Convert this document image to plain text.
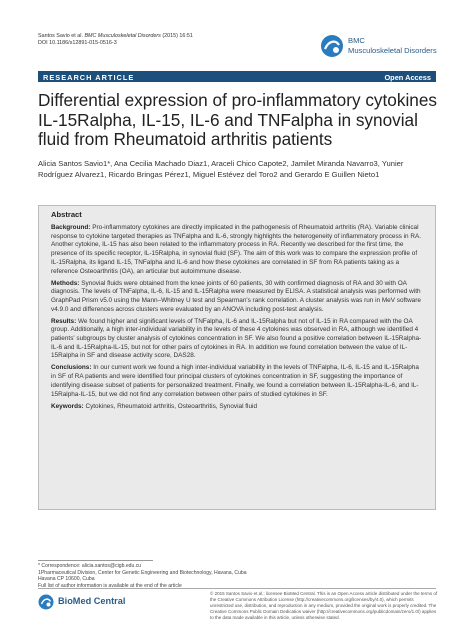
Santos Savio et al. BMC Musculoskeletal Disorders (2015) 16:51
DOI 10.1186/s12891-015-0516-3	BMC
Musculoskeletal Disorders
RESEARCH ARTICLE	Open Access
Differential expression of pro-inflammatory cytokines IL-15Ralpha, IL-15, IL-6 and TNFalpha in synovial fluid from Rheumatoid arthritis patients
Alicia Santos Savio1*, Ana Cecilia Machado Diaz1, Araceli Chico Capote2, Jamilet Miranda Navarro3, Yunier Rodríguez Alvarez1, Ricardo Bringas Pérez1, Miguel Estévez del Toro2 and Gerardo E Guillen Nieto1
Abstract

Background: Pro-inflammatory cytokines are directly implicated in the pathogenesis of Rheumatoid arthritis (RA). Variable clinical response to cytokine targeted therapies as TNFalpha and IL-6, strongly highlights the heterogeneity of inflammatory process in RA. Another cytokine, IL-15 has also been related to the inflammatory process in RA. Recently we described for the first time, the presence of its specific receptor, IL-15Ralpha, in synovial fluid (SF). The aim of this work was to compare the expression profile of IL-15Ralpha, its ligand IL-15, TNFalpha and IL-6 and how these cytokines are correlated in SF from RA patients taking as a reference Osteoarthritis (OA), an articular but autoimmune disease.

Methods: Synovial fluids were obtained from the knee joints of 60 patients, 30 with confirmed diagnosis of RA and 30 with OA diagnosis. The levels of TNFalpha, IL-6, IL-15 and IL-15Ralpha were measured by ELISA. A statistical analysis was performed with GraphPad Prism v5.0 using the Mann–Whitney U test and Spearman's rank correlation. A cluster analysis was run in MeV software v4.9.0 and differences across clusters were evaluated by an ANOVA including post-test analysis.

Results: We found higher and significant levels of TNFalpha, IL-6 and IL-15Ralpha but not of IL-15 in RA compared with the OA group. Additionally, a high inter-individual variability in the levels of these 4 cytokines was observed in RA, although we identified 4 patients' subgroups by cluster analysis of cytokines concentration in SF. We also found a positive correlation between IL-15Ralpha-IL-6 and IL-15Ralpha-IL-15, but not for other pairs of cytokines in RA. In addition we found correlation between the value of IL-15Ralpha in SF and disease activity score, DAS28.

Conclusions: In our current work we found a high inter-individual variability in the levels of TNFalpha, IL-6, IL-15 and IL-15Ralpha in SF of RA patients and were identified four principal clusters of cytokines concentration in SF, suggesting the importance of identifying disease subset of patients for personalized treatment. Finally, we found a correlation between IL-15Ralpha-IL-6, and IL-15Ralpha-IL-15, but we did not find any correlation between other pairs of studied cytokines in SF.

Keywords: Cytokines, Rheumatoid arthritis, Osteoarthritis, Synovial fluid

* Correspondence: alicia.santos@cigb.edu.cu
1Pharmaceutical Division, Center for Genetic Engineering and Biotechnology, Havana, Cuba
Havana CP 10600, Cuba
Full list of author information is available at the end of the article
BioMed Central
© 2015 Santos Savio et al.; licensee BioMed Central. This is an Open Access article distributed under the terms of the Creative Commons Attribution License (http://creativecommons.org/licenses/by/4.0), which permits unrestricted use, distribution, and reproduction in any medium, provided the original work is properly credited. The Creative Commons Public Domain Dedication waiver (http://creativecommons.org/publicdomain/zero/1.0/) applies to the data made available in this article, unless otherwise stated.
